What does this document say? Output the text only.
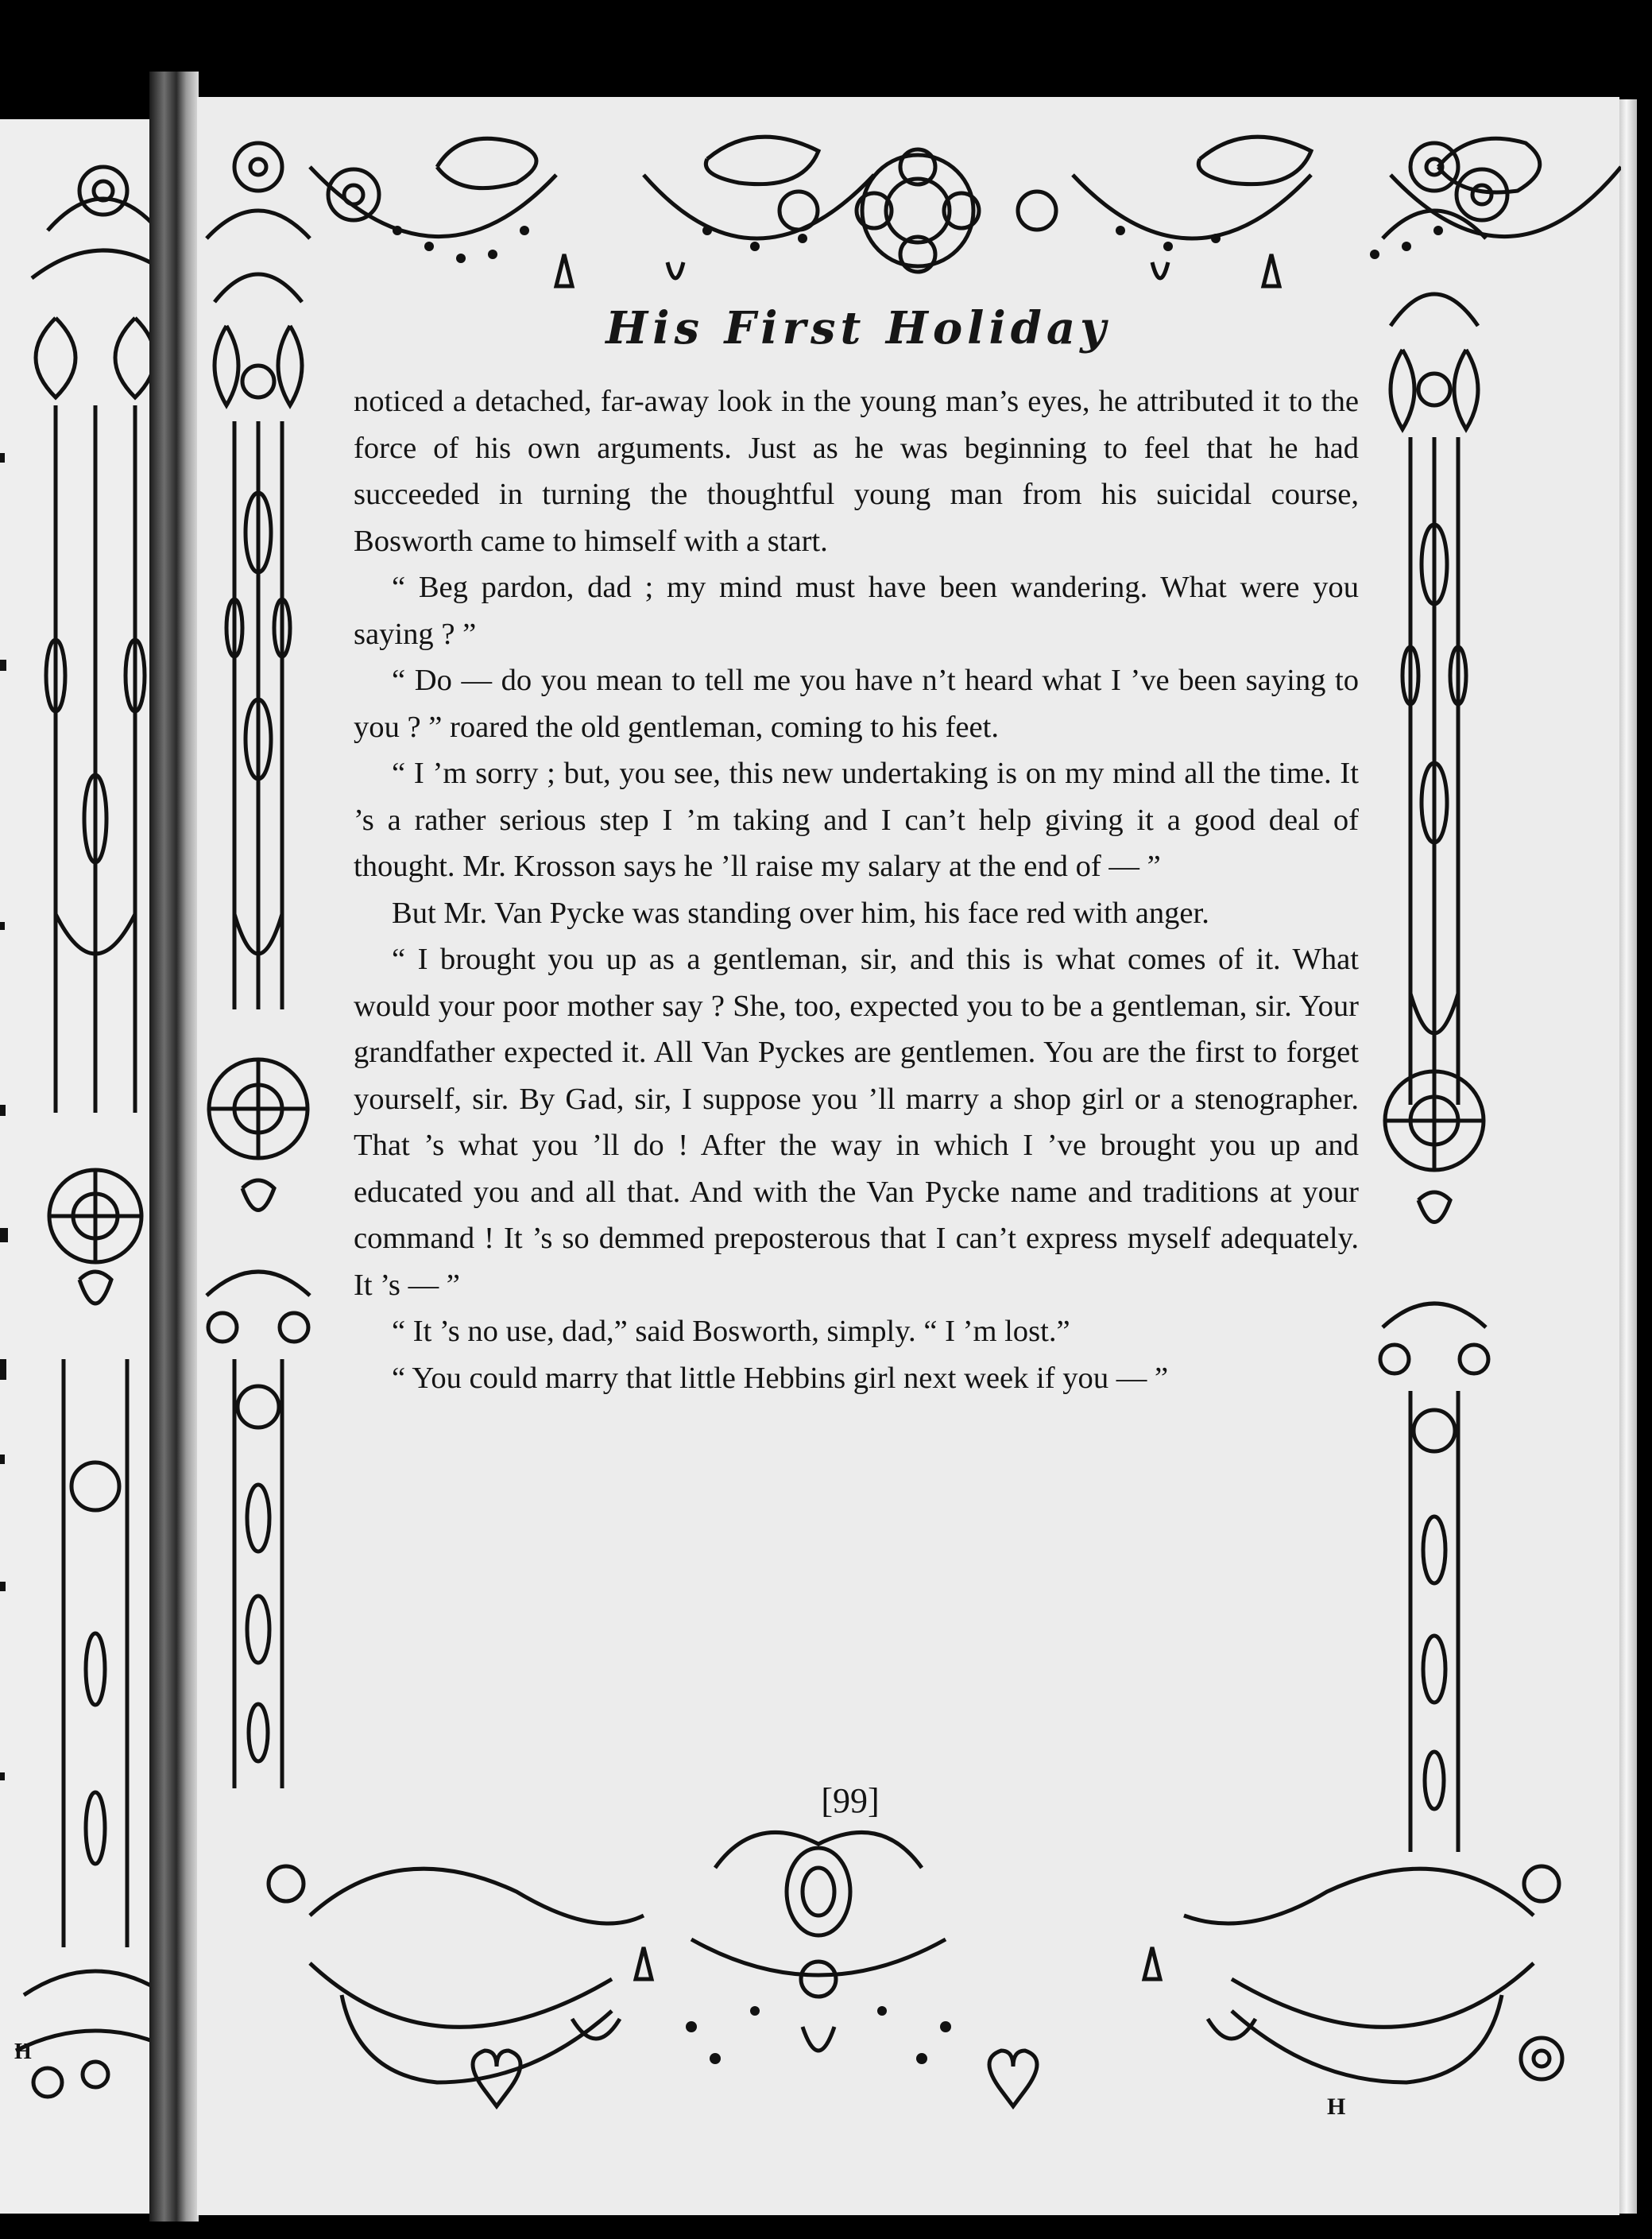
H
H
His First Holiday

noticed a detached, far-away look in the young man’s eyes, he attributed it to the force of his own arguments. Just as he was beginning to feel that he had succeeded in turning the thoughtful young man from his suicidal course, Bosworth came to himself with a start.

“ Beg pardon, dad ; my mind must have been wandering. What were you saying ? ”

“ Do — do you mean to tell me you have n’t heard what I ’ve been saying to you ? ” roared the old gentleman, coming to his feet.

“ I ’m sorry ; but, you see, this new undertaking is on my mind all the time. It ’s a rather serious step I ’m taking and I can’t help giving it a good deal of thought. Mr. Krosson says he ’ll raise my salary at the end of — ”

But Mr. Van Pycke was standing over him, his face red with anger.

“ I brought you up as a gentleman, sir, and this is what comes of it. What would your poor mother say ? She, too, expected you to be a gentleman, sir. Your grandfather expected it. All Van Pyckes are gentlemen. You are the first to forget yourself, sir. By Gad, sir, I suppose you ’ll marry a shop girl or a stenographer. That ’s what you ’ll do ! After the way in which I ’ve brought you up and educated you and all that. And with the Van Pycke name and traditions at your command ! It ’s so demmed preposterous that I can’t express myself adequately. It ’s — ”

“ It ’s no use, dad,” said Bosworth, simply. “ I ’m lost.”

“ You could marry that little Hebbins girl next week if you — ”

[99]
